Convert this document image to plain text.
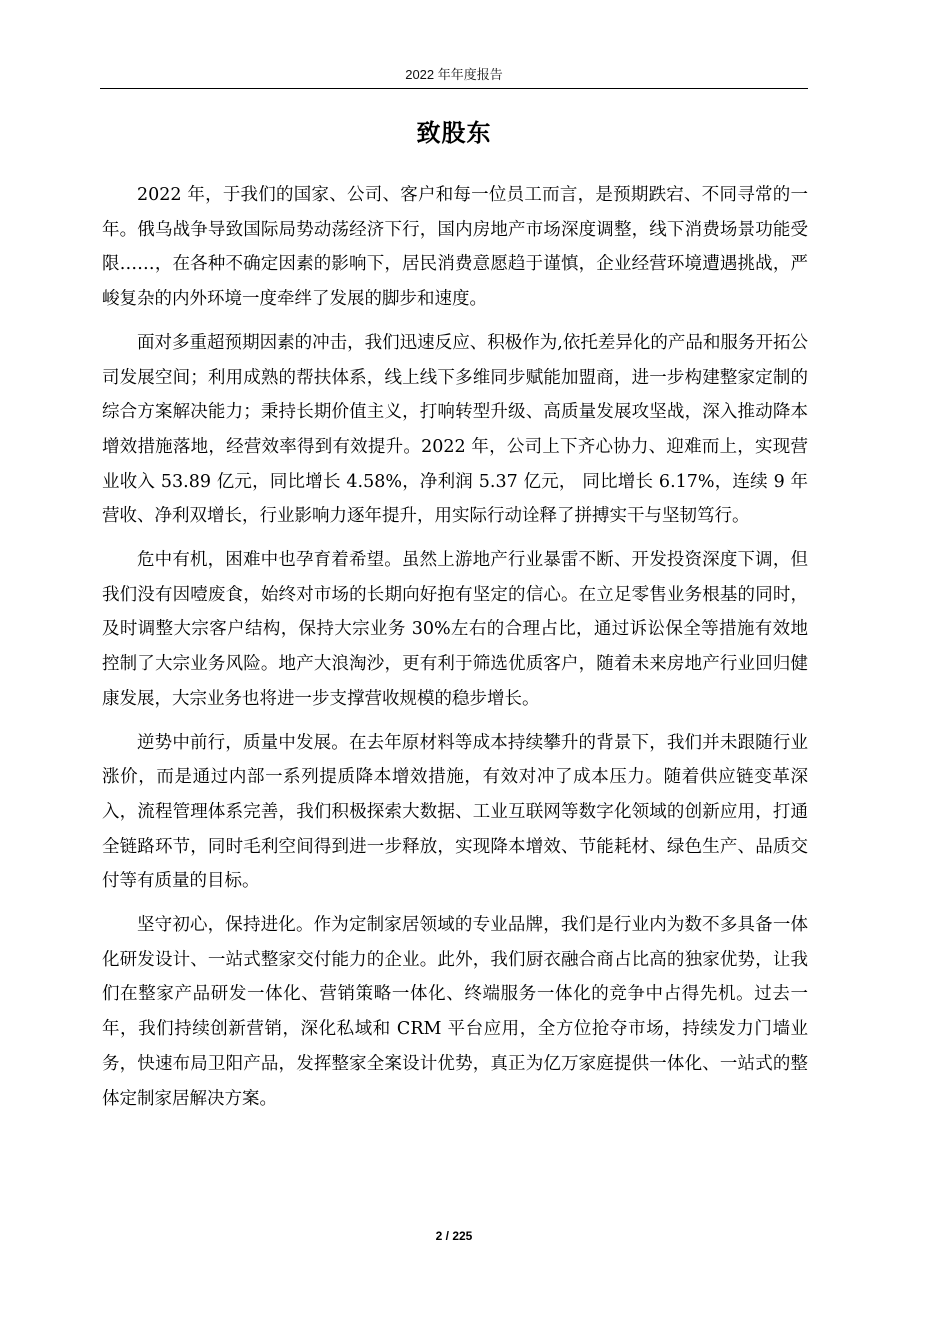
2022 年年度报告
致股东

2022 年，于我们的国家、公司、客户和每一位员工而言，是预期跌宕、不同寻常的一年。俄乌战争导致国际局势动荡经济下行，国内房地产市场深度调整，线下消费场景功能受限……，在各种不确定因素的影响下，居民消费意愿趋于谨慎，企业经营环境遭遇挑战，严峻复杂的内外环境一度牵绊了发展的脚步和速度。

面对多重超预期因素的冲击，我们迅速反应、积极作为,依托差异化的产品和服务开拓公司发展空间；利用成熟的帮扶体系，线上线下多维同步赋能加盟商，进一步构建整家定制的综合方案解决能力；秉持长期价值主义，打响转型升级、高质量发展攻坚战，深入推动降本增效措施落地，经营效率得到有效提升。2022 年，公司上下齐心协力、迎难而上，实现营业收入 53.89 亿元，同比增长 4.58%，净利润 5.37 亿元， 同比增长 6.17%，连续 9 年营收、净利双增长，行业影响力逐年提升，用实际行动诠释了拼搏实干与坚韧笃行。

危中有机，困难中也孕育着希望。虽然上游地产行业暴雷不断、开发投资深度下调，但我们没有因噎废食，始终对市场的长期向好抱有坚定的信心。在立足零售业务根基的同时，及时调整大宗客户结构，保持大宗业务 30%左右的合理占比，通过诉讼保全等措施有效地控制了大宗业务风险。地产大浪淘沙，更有利于筛选优质客户，随着未来房地产行业回归健康发展，大宗业务也将进一步支撑营收规模的稳步增长。

逆势中前行，质量中发展。在去年原材料等成本持续攀升的背景下，我们并未跟随行业涨价，而是通过内部一系列提质降本增效措施，有效对冲了成本压力。随着供应链变革深入，流程管理体系完善，我们积极探索大数据、工业互联网等数字化领域的创新应用，打通全链路环节，同时毛利空间得到进一步释放，实现降本增效、节能耗材、绿色生产、品质交付等有质量的目标。

坚守初心，保持进化。作为定制家居领域的专业品牌，我们是行业内为数不多具备一体化研发设计、一站式整家交付能力的企业。此外，我们厨衣融合商占比高的独家优势，让我们在整家产品研发一体化、营销策略一体化、终端服务一体化的竞争中占得先机。过去一年，我们持续创新营销，深化私域和 CRM 平台应用，全方位抢夺市场，持续发力门墙业务，快速布局卫阳产品，发挥整家全案设计优势，真正为亿万家庭提供一体化、一站式的整体定制家居解决方案。

2 / 225
